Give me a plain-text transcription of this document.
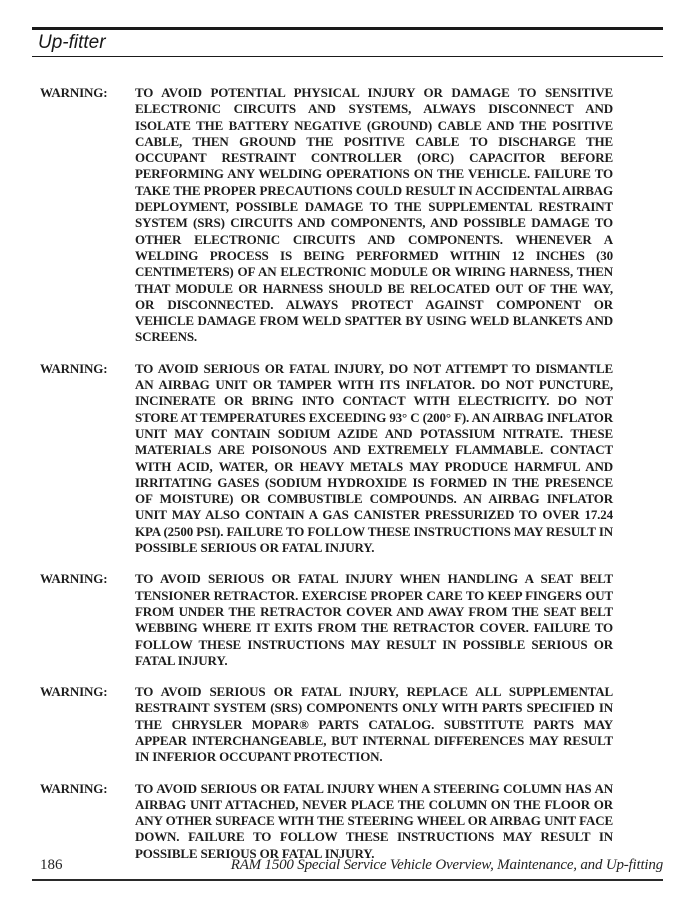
Up-fitter
WARNING:	TO AVOID POTENTIAL PHYSICAL INJURY OR DAMAGE TO SENSITIVE ELECTRONIC CIRCUITS AND SYSTEMS, ALWAYS DISCONNECT AND ISOLATE THE BATTERY NEGATIVE (GROUND) CABLE AND THE POSITIVE CABLE, THEN GROUND THE POSITIVE CABLE TO DISCHARGE THE OCCUPANT RESTRAINT CONTROLLER (ORC) CAPACITOR BEFORE PERFORMING ANY WELDING OPERATIONS ON THE VEHICLE. FAILURE TO TAKE THE PROPER PRECAUTIONS COULD RESULT IN ACCIDENTAL AIRBAG DEPLOYMENT, POSSIBLE DAMAGE TO THE SUPPLEMENTAL RESTRAINT SYSTEM (SRS) CIRCUITS AND COMPONENTS, AND POSSIBLE DAMAGE TO OTHER ELECTRONIC CIRCUITS AND COMPONENTS. WHENEVER A WELDING PROCESS IS BEING PERFORMED WITHIN 12 INCHES (30 CENTIMETERS) OF AN ELECTRONIC MODULE OR WIRING HARNESS, THEN THAT MODULE OR HARNESS SHOULD BE RELOCATED OUT OF THE WAY, OR DISCONNECTED. ALWAYS PROTECT AGAINST COMPONENT OR VEHICLE DAMAGE FROM WELD SPATTER BY USING WELD BLANKETS AND SCREENS.
WARNING:	TO AVOID SERIOUS OR FATAL INJURY, DO NOT ATTEMPT TO DISMANTLE AN AIRBAG UNIT OR TAMPER WITH ITS INFLATOR. DO NOT PUNCTURE, INCINERATE OR BRING INTO CONTACT WITH ELECTRICITY. DO NOT STORE AT TEMPERATURES EXCEEDING 93° C (200° F). AN AIRBAG INFLATOR UNIT MAY CONTAIN SODIUM AZIDE AND POTASSIUM NITRATE. THESE MATERIALS ARE POISONOUS AND EXTREMELY FLAMMABLE. CONTACT WITH ACID, WATER, OR HEAVY METALS MAY PRODUCE HARMFUL AND IRRITATING GASES (SODIUM HYDROXIDE IS FORMED IN THE PRESENCE OF MOISTURE) OR COMBUSTIBLE COMPOUNDS. AN AIRBAG INFLATOR UNIT MAY ALSO CONTAIN A GAS CANISTER PRESSURIZED TO OVER 17.24 KPA (2500 PSI). FAILURE TO FOLLOW THESE INSTRUCTIONS MAY RESULT IN POSSIBLE SERIOUS OR FATAL INJURY.
WARNING:	TO AVOID SERIOUS OR FATAL INJURY WHEN HANDLING A SEAT BELT TENSIONER RETRACTOR. EXERCISE PROPER CARE TO KEEP FINGERS OUT FROM UNDER THE RETRACTOR COVER AND AWAY FROM THE SEAT BELT WEBBING WHERE IT EXITS FROM THE RETRACTOR COVER. FAILURE TO FOLLOW THESE INSTRUCTIONS MAY RESULT IN POSSIBLE SERIOUS OR FATAL INJURY.
WARNING:	TO AVOID SERIOUS OR FATAL INJURY, REPLACE ALL SUPPLEMENTAL RESTRAINT SYSTEM (SRS) COMPONENTS ONLY WITH PARTS SPECIFIED IN THE CHRYSLER MOPAR® PARTS CATALOG. SUBSTITUTE PARTS MAY APPEAR INTERCHANGEABLE, BUT INTERNAL DIFFERENCES MAY RESULT IN INFERIOR OCCUPANT PROTECTION.
WARNING:	TO AVOID SERIOUS OR FATAL INJURY WHEN A STEERING COLUMN HAS AN AIRBAG UNIT ATTACHED, NEVER PLACE THE COLUMN ON THE FLOOR OR ANY OTHER SURFACE WITH THE STEERING WHEEL OR AIRBAG UNIT FACE DOWN. FAILURE TO FOLLOW THESE INSTRUCTIONS MAY RESULT IN POSSIBLE SERIOUS OR FATAL INJURY.
186	RAM 1500 Special Service Vehicle Overview, Maintenance, and Up-fitting
